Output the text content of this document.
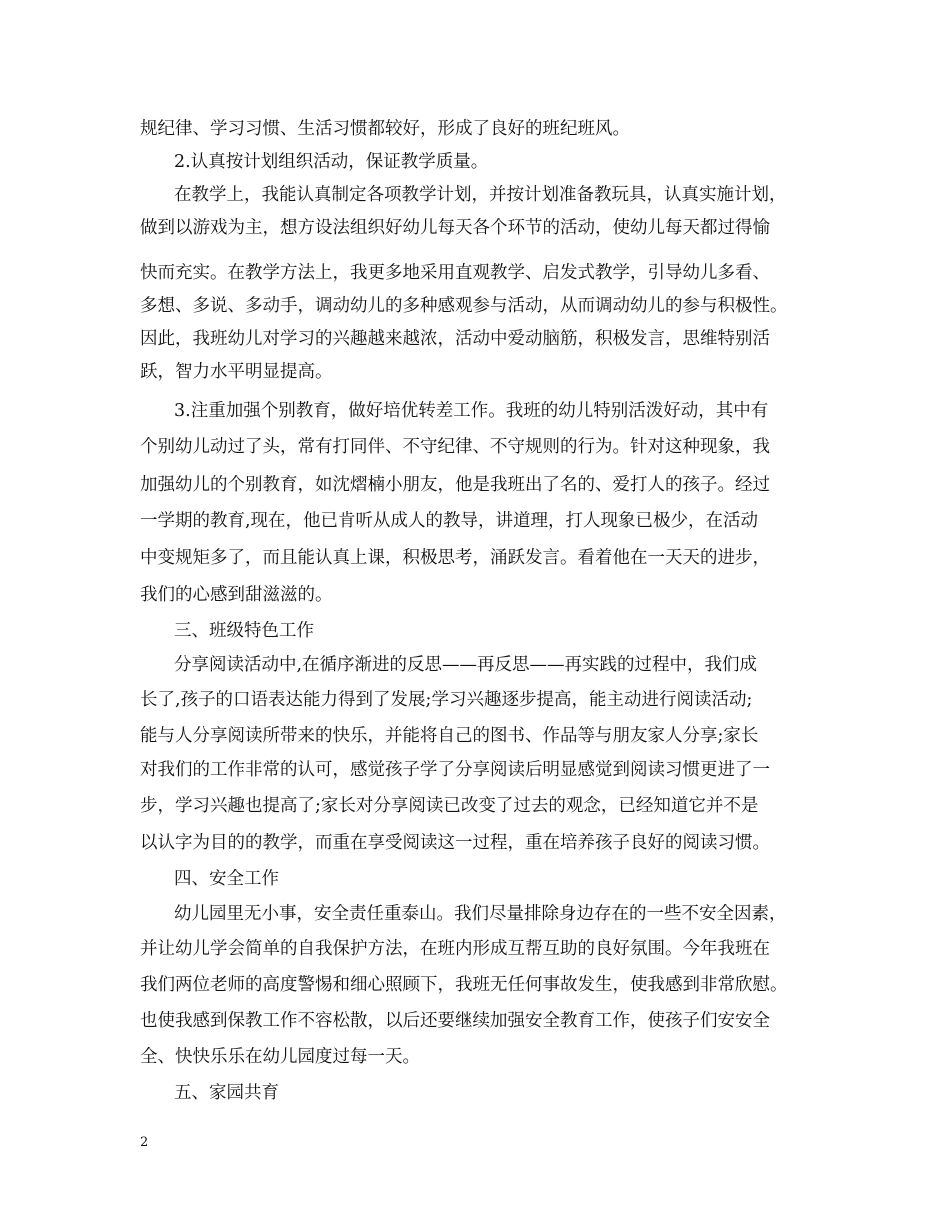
规纪律、学习习惯、生活习惯都较好，形成了良好的班纪班风。
2.认真按计划组织活动，保证教学质量。
在教学上，我能认真制定各项教学计划，并按计划准备教玩具，认真实施计划，
做到以游戏为主，想方设法组织好幼儿每天各个环节的活动，使幼儿每天都过得愉
快而充实。在教学方法上，我更多地采用直观教学、启发式教学，引导幼儿多看、
多想、多说、多动手，调动幼儿的多种感观参与活动，从而调动幼儿的参与积极性。
因此，我班幼儿对学习的兴趣越来越浓，活动中爱动脑筋，积极发言，思维特别活
跃，智力水平明显提高。
3.注重加强个别教育，做好培优转差工作。我班的幼儿特别活泼好动，其中有
个别幼儿动过了头，常有打同伴、不守纪律、不守规则的行为。针对这种现象，我
加强幼儿的个别教育，如沈熠楠小朋友，他是我班出了名的、爱打人的孩子。经过
一学期的教育,现在，他已肯听从成人的教导，讲道理，打人现象已极少，在活动
中变规矩多了，而且能认真上课，积极思考，涌跃发言。看着他在一天天的进步，
我们的心感到甜滋滋的。
三、班级特色工作
分享阅读活动中,在循序渐进的反思——再反思——再实践的过程中，我们成
长了,孩子的口语表达能力得到了发展;学习兴趣逐步提高，能主动进行阅读活动;
能与人分享阅读所带来的快乐，并能将自己的图书、作品等与朋友家人分享;家长
对我们的工作非常的认可，感觉孩子学了分享阅读后明显感觉到阅读习惯更进了一
步，学习兴趣也提高了;家长对分享阅读已改变了过去的观念，已经知道它并不是
以认字为目的的教学，而重在享受阅读这一过程，重在培养孩子良好的阅读习惯。
四、安全工作
幼儿园里无小事，安全责任重泰山。我们尽量排除身边存在的一些不安全因素，
并让幼儿学会简单的自我保护方法，在班内形成互帮互助的良好氛围。今年我班在
我们两位老师的高度警惕和细心照顾下，我班无任何事故发生，使我感到非常欣慰。
也使我感到保教工作不容松散，以后还要继续加强安全教育工作，使孩子们安安全
全、快快乐乐在幼儿园度过每一天。
五、家园共育
2
